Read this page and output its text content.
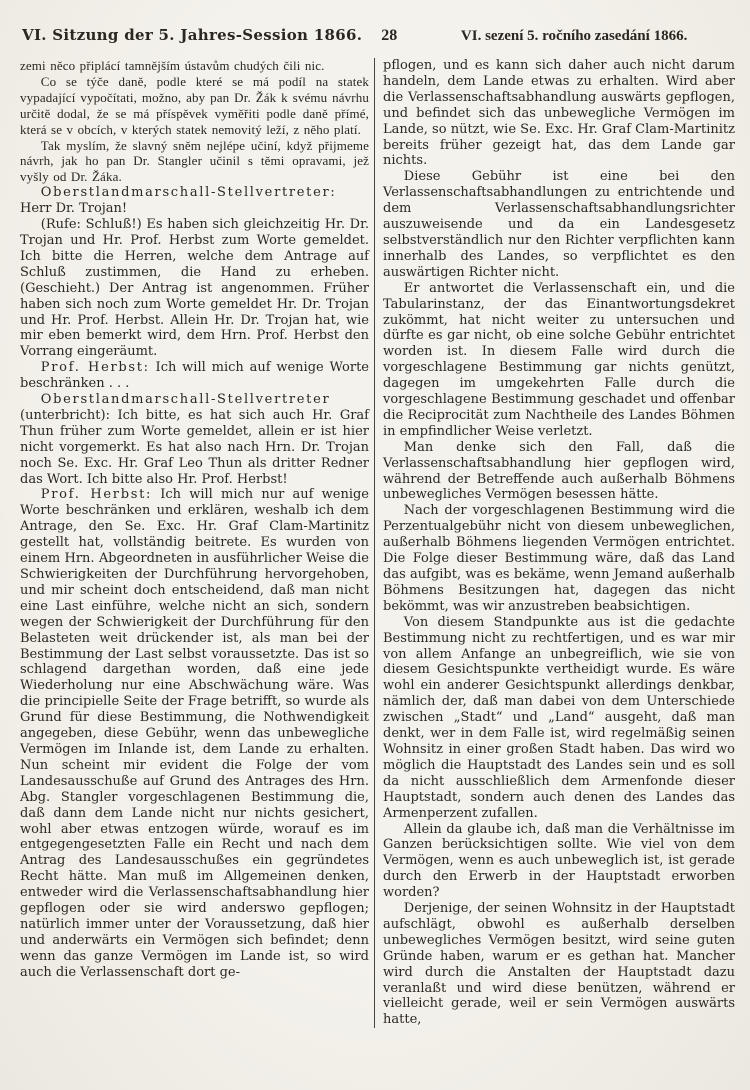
VI. Sitzung der 5. Jahres-Session 1866.	28	VI. sezení 5. ročního zasedání 1866.

zemi něco připlácí tamnějším ústavům chudých čili nic.

Co se týče daně, podle které se má podíl na statek vypadající vypočítati, možno, aby pan Dr. Žák k svému návrhu určitě dodal, že se má příspěvek vyměřiti podle daně přímé, která se v obcích, v kterých statek nemovitý leží, z něho platí.

Tak myslím, že slavný sněm nejlépe učiní, když přijmeme návrh, jak ho pan Dr. Stangler učinil s těmi opravami, jež vyšly od Dr. Žáka.

Oberstlandmarschall-Stellvertreter: Herr Dr. Trojan!

(Rufe: Schluß!) Es haben sich gleichzeitig Hr. Dr. Trojan und Hr. Prof. Herbst zum Worte gemeldet. Ich bitte die Herren, welche dem Antrage auf Schluß zustimmen, die Hand zu erheben. (Geschieht.) Der Antrag ist angenommen. Früher haben sich noch zum Worte gemeldet Hr. Dr. Trojan und Hr. Prof. Herbst. Allein Hr. Dr. Trojan hat, wie mir eben bemerkt wird, dem Hrn. Prof. Herbst den Vorrang eingeräumt.

Prof. Herbst: Ich will mich auf wenige Worte beschränken . . .

Oberstlandmarschall-Stellvertreter (unterbricht): Ich bitte, es hat sich auch Hr. Graf Thun früher zum Worte gemeldet, allein er ist hier nicht vorgemerkt. Es hat also nach Hrn. Dr. Trojan noch Se. Exc. Hr. Graf Leo Thun als dritter Redner das Wort. Ich bitte also Hr. Prof. Herbst!

Prof. Herbst: Ich will mich nur auf wenige Worte beschränken und erklären, weshalb ich dem Antrage, den Se. Exc. Hr. Graf Clam-Martinitz gestellt hat, vollständig beitrete. Es wurden von einem Hrn. Abgeordneten in ausführlicher Weise die Schwierigkeiten der Durchführung hervorgehoben, und mir scheint doch entscheidend, daß man nicht eine Last einführe, welche nicht an sich, sondern wegen der Schwierigkeit der Durchführung für den Belasteten weit drückender ist, als man bei der Bestimmung der Last selbst voraussetzte. Das ist so schlagend dargethan worden, daß eine jede Wiederholung nur eine Abschwächung wäre. Was die principielle Seite der Frage betrifft, so wurde als Grund für diese Bestimmung, die Nothwendigkeit angegeben, diese Gebühr, wenn das unbewegliche Vermögen im Inlande ist, dem Lande zu erhalten. Nun scheint mir evident die Folge der vom Landesausschuße auf Grund des Antrages des Hrn. Abg. Stangler vorgeschlagenen Bestimmung die, daß dann dem Lande nicht nur nichts gesichert, wohl aber etwas entzogen würde, worauf es im entgegengesetzten Falle ein Recht und nach dem Antrag des Landesausschußes ein gegründetes Recht hätte. Man muß im Allgemeinen denken, entweder wird die Verlassenschaftsabhandlung hier gepflogen oder sie wird anderswo gepflogen; natürlich immer unter der Voraussetzung, daß hier und anderwärts ein Vermögen sich befindet; denn wenn das ganze Vermögen im Lande ist, so wird auch die Verlassenschaft dort ge-

pflogen, und es kann sich daher auch nicht darum handeln, dem Lande etwas zu erhalten. Wird aber die Verlassenschaftsabhandlung auswärts gepflogen, und befindet sich das unbewegliche Vermögen im Lande, so nützt, wie Se. Exc. Hr. Graf Clam-Martinitz bereits früher gezeigt hat, das dem Lande gar nichts.

Diese Gebühr ist eine bei den Verlassenschaftsabhandlungen zu entrichtende und dem Verlassenschaftsabhandlungsrichter auszuweisende und da ein Landesgesetz selbstverständlich nur den Richter verpflichten kann innerhalb des Landes, so verpflichtet es den auswärtigen Richter nicht.

Er antwortet die Verlassenschaft ein, und die Tabularinstanz, der das Einantwortungsdekret zukömmt, hat nicht weiter zu untersuchen und dürfte es gar nicht, ob eine solche Gebühr entrichtet worden ist. In diesem Falle wird durch die vorgeschlagene Bestimmung gar nichts genützt, dagegen im umgekehrten Falle durch die vorgeschlagene Bestimmung geschadet und offenbar die Reciprocität zum Nachtheile des Landes Böhmen in empfindlicher Weise verletzt.

Man denke sich den Fall, daß die Verlassenschaftsabhandlung hier gepflogen wird, während der Betreffende auch außerhalb Böhmens unbewegliches Vermögen besessen hätte.

Nach der vorgeschlagenen Bestimmung wird die Perzentualgebühr nicht von diesem unbeweglichen, außerhalb Böhmens liegenden Vermögen entrichtet. Die Folge dieser Bestimmung wäre, daß das Land das aufgibt, was es bekäme, wenn Jemand außerhalb Böhmens Besitzungen hat, dagegen das nicht bekömmt, was wir anzustreben beabsichtigen.

Von diesem Standpunkte aus ist die gedachte Bestimmung nicht zu rechtfertigen, und es war mir von allem Anfange an unbegreiflich, wie sie von diesem Gesichtspunkte vertheidigt wurde. Es wäre wohl ein anderer Gesichtspunkt allerdings denkbar, nämlich der, daß man dabei von dem Unterschiede zwischen „Stadt“ und „Land“ ausgeht, daß man denkt, wer in dem Falle ist, wird regelmäßig seinen Wohnsitz in einer großen Stadt haben. Das wird wo möglich die Hauptstadt des Landes sein und es soll da nicht ausschließlich dem Armenfonde dieser Hauptstadt, sondern auch denen des Landes das Armenperzent zufallen.

Allein da glaube ich, daß man die Verhältnisse im Ganzen berücksichtigen sollte. Wie viel von dem Vermögen, wenn es auch unbeweglich ist, ist gerade durch den Erwerb in der Hauptstadt erworben worden?

Derjenige, der seinen Wohnsitz in der Hauptstadt aufschlägt, obwohl es außerhalb derselben unbewegliches Vermögen besitzt, wird seine guten Gründe haben, warum er es gethan hat. Mancher wird durch die Anstalten der Hauptstadt dazu veranlaßt und wird diese benützen, während er vielleicht gerade, weil er sein Vermögen auswärts hatte,
